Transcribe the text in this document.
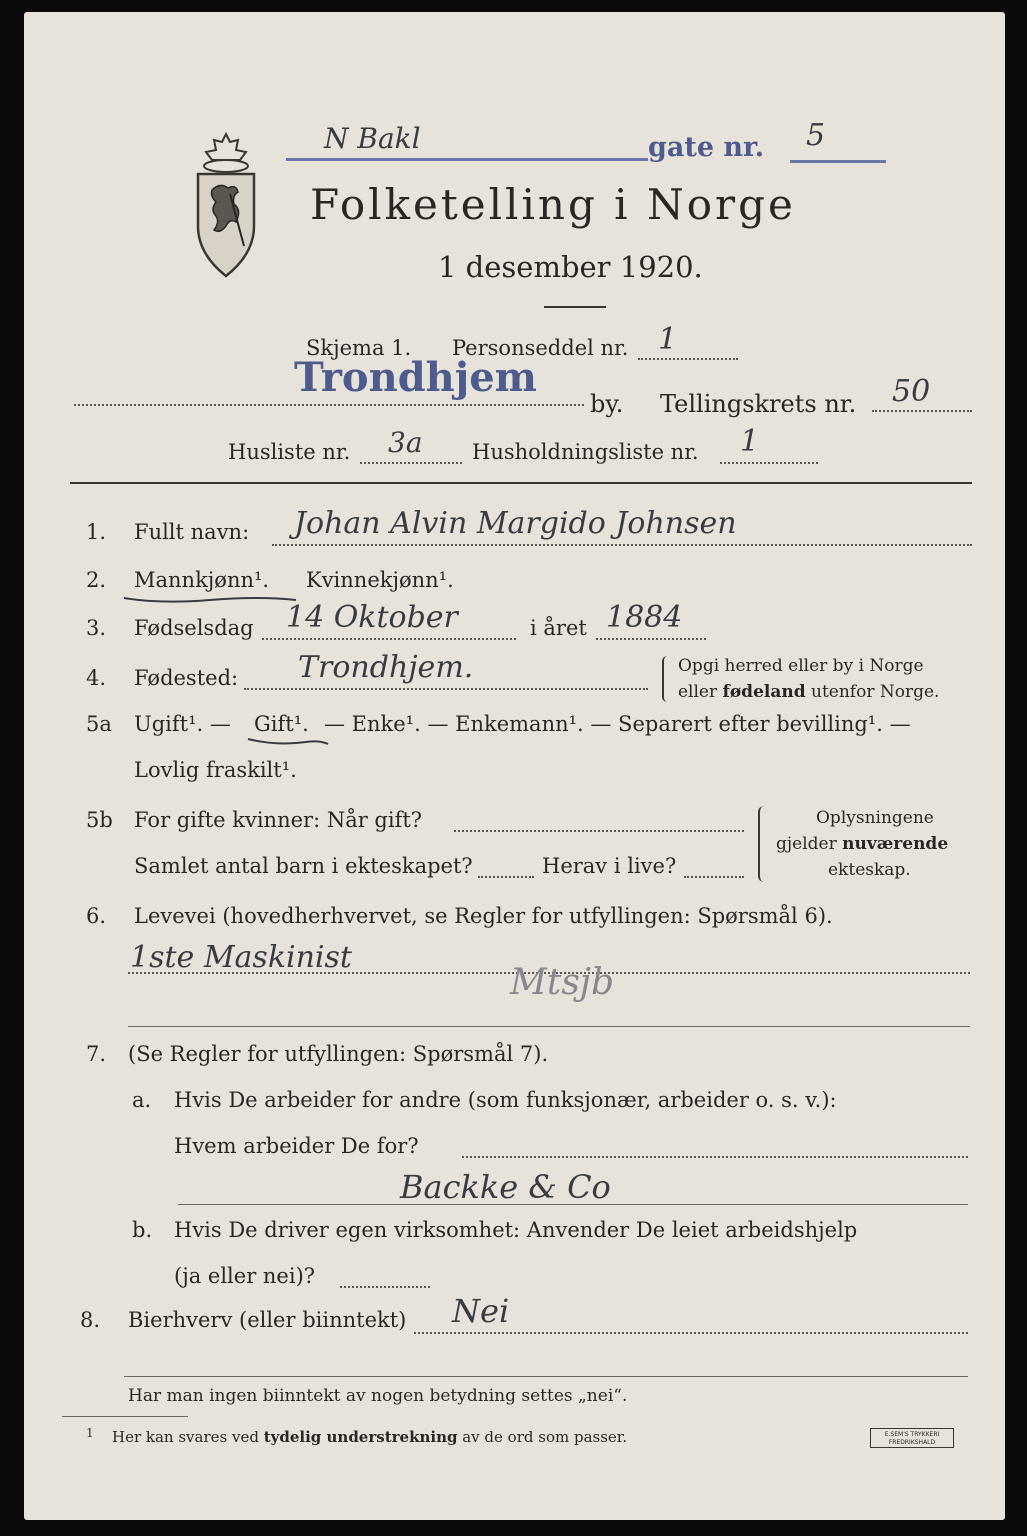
N Bakl	gate nr. 5
Folketelling i Norge
1 desember 1920.
Skjema 1. Personseddel nr. 1
Trondhjem
by. Tellingskrets nr. 50
Husliste nr. 3a Husholdningsliste nr. 1
1. Fullt navn: Johan Alvin Margido Johnsen
2. Mannkjønn¹. Kvinnekjønn¹.
3. Fødselsdag 14 Oktober	i året 1884
4. Fødested: Trondhjem.	Opgi herred eller by i Norge
eller fødeland utenfor Norge.
5a Ugift¹. — Gift¹. — Enke¹. — Enkemann¹. — Separert efter bevilling¹. —
Lovlig fraskilt¹.
5b For gifte kvinner: Når gift?
Samlet antal barn i ekteskapet?	Herav i live?
Oplysningene
gjelder nuværende
ekteskap.
6. Levevei (hovedherhvervet, se Regler for utfyllingen: Spørsmål 6).
1ste Maskinist
Mtsjb
7. (Se Regler for utfyllingen: Spørsmål 7).
a. Hvis De arbeider for andre (som funksjonær, arbeider o. s. v.):
Hvem arbeider De for?
Backke & Co
b. Hvis De driver egen virksomhet: Anvender De leiet arbeidshjelp
(ja eller nei)?
8. Bierhverv (eller biinntekt) Nei
Har man ingen biinntekt av nogen betydning settes „nei“.
1 Her kan svares ved tydelig understrekning av de ord som passer.	E.SEM'S TRYKKERI
FREDRIKSHALD
